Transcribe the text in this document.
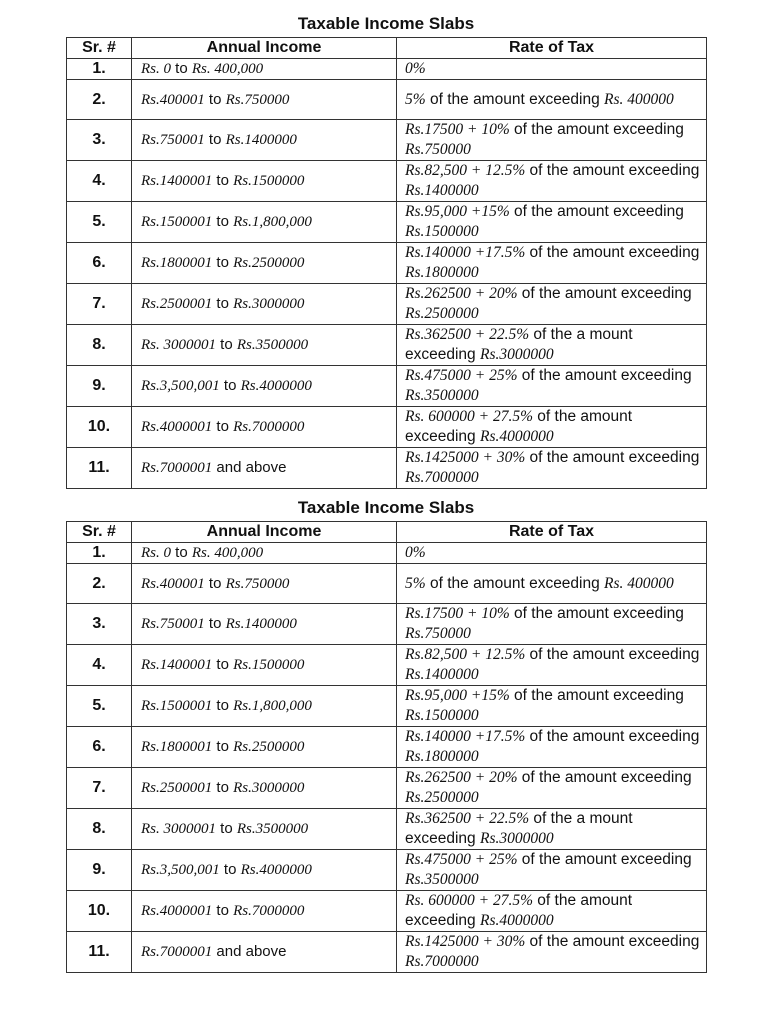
Taxable Income Slabs
Sr. #	Annual Income	Rate of Tax
1.	Rs. 0 to Rs. 400,000	0%
2.	Rs.400001 to Rs.750000	5% of the amount exceeding Rs. 400000
3.	Rs.750001 to Rs.1400000	Rs.17500 + 10% of the amount exceeding Rs.750000
4.	Rs.1400001 to Rs.1500000	Rs.82,500 + 12.5% of the amount exceeding Rs.1400000
5.	Rs.1500001 to Rs.1,800,000	Rs.95,000 +15% of the amount exceeding Rs.1500000
6.	Rs.1800001 to Rs.2500000	Rs.140000 +17.5% of the amount exceeding Rs.1800000
7.	Rs.2500001 to Rs.3000000	Rs.262500 + 20% of the amount exceeding Rs.2500000
8.	Rs. 3000001 to Rs.3500000	Rs.362500 + 22.5% of the a mount exceeding Rs.3000000
9.	Rs.3,500,001 to Rs.4000000	Rs.475000 + 25% of the amount exceeding Rs.3500000
10.	Rs.4000001 to Rs.7000000	Rs. 600000 + 27.5% of the amount exceeding Rs.4000000
11.	Rs.7000001 and above	Rs.1425000 + 30% of the amount exceeding Rs.7000000
Taxable Income Slabs
Sr. #	Annual Income	Rate of Tax
1.	Rs. 0 to Rs. 400,000	0%
2.	Rs.400001 to Rs.750000	5% of the amount exceeding Rs. 400000
3.	Rs.750001 to Rs.1400000	Rs.17500 + 10% of the amount exceeding Rs.750000
4.	Rs.1400001 to Rs.1500000	Rs.82,500 + 12.5% of the amount exceeding Rs.1400000
5.	Rs.1500001 to Rs.1,800,000	Rs.95,000 +15% of the amount exceeding Rs.1500000
6.	Rs.1800001 to Rs.2500000	Rs.140000 +17.5% of the amount exceeding Rs.1800000
7.	Rs.2500001 to Rs.3000000	Rs.262500 + 20% of the amount exceeding Rs.2500000
8.	Rs. 3000001 to Rs.3500000	Rs.362500 + 22.5% of the a mount exceeding Rs.3000000
9.	Rs.3,500,001 to Rs.4000000	Rs.475000 + 25% of the amount exceeding Rs.3500000
10.	Rs.4000001 to Rs.7000000	Rs. 600000 + 27.5% of the amount exceeding Rs.4000000
11.	Rs.7000001 and above	Rs.1425000 + 30% of the amount exceeding Rs.7000000
